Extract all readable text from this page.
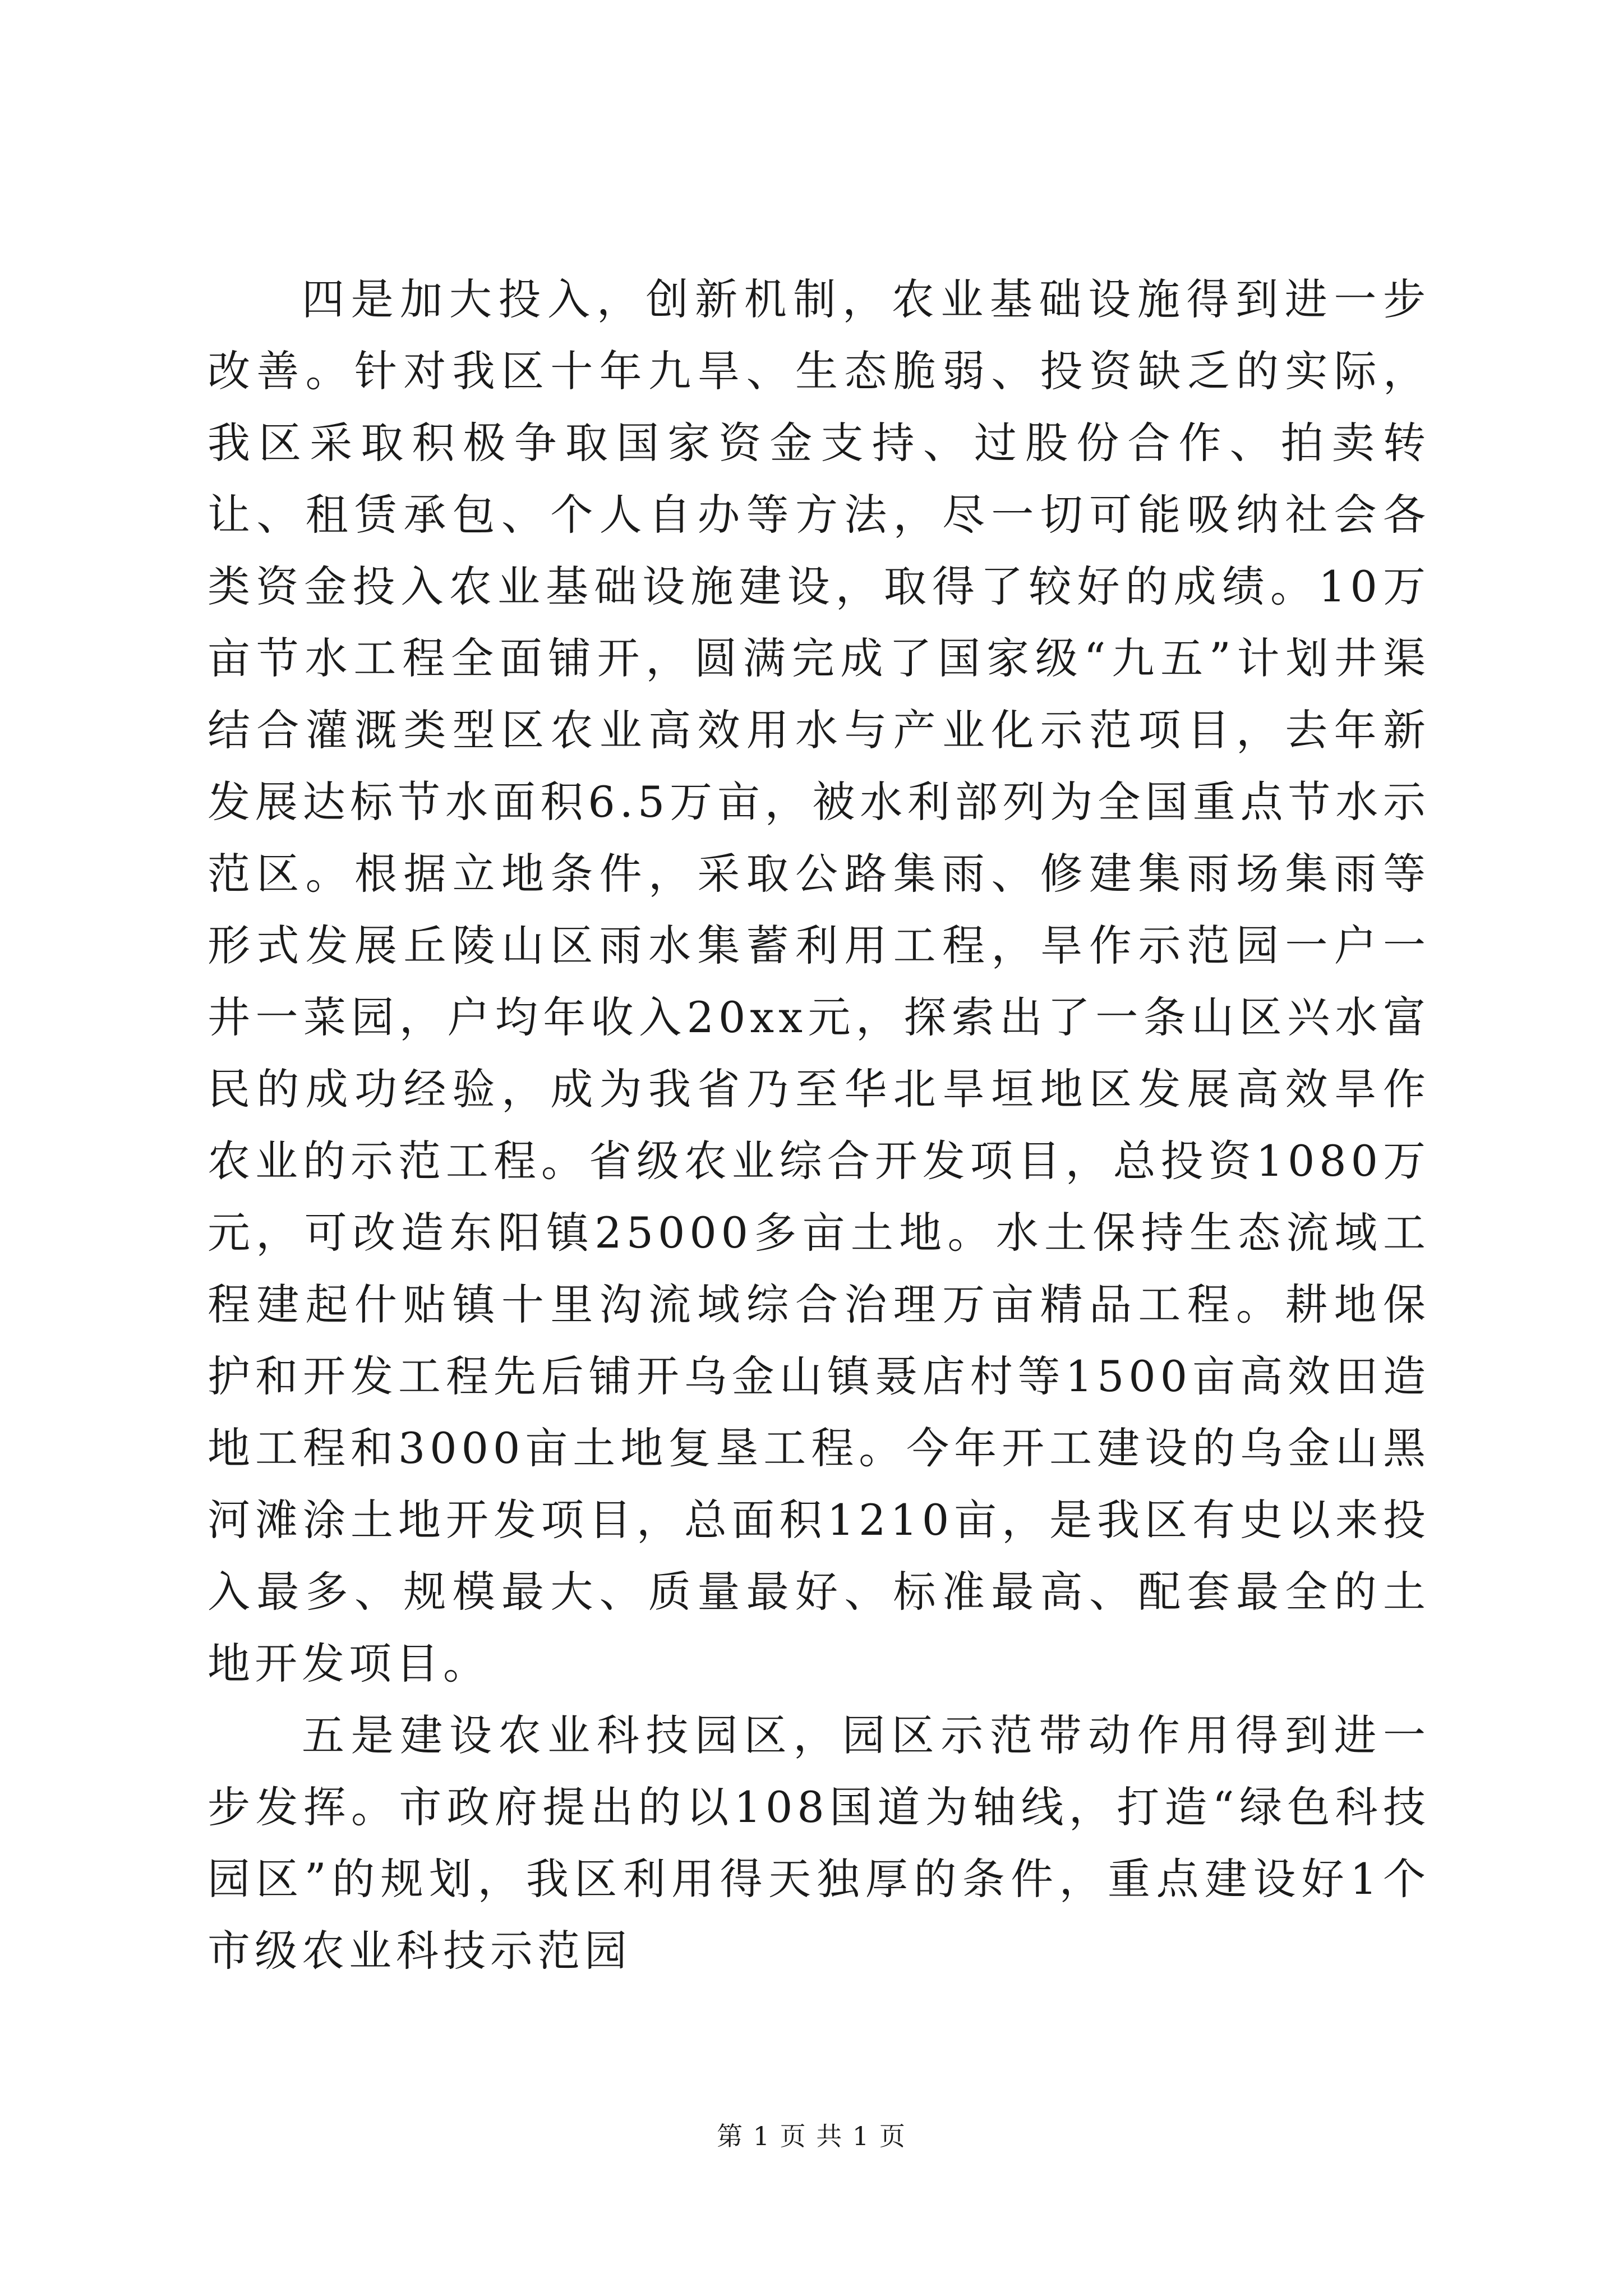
四是加大投入，创新机制，农业基础设施得到进一步改善。针对我区十年九旱、生态脆弱、投资缺乏的实际，我区采取积极争取国家资金支持、过股份合作、拍卖转让、租赁承包、个人自办等方法，尽一切可能吸纳社会各类资金投入农业基础设施建设，取得了较好的成绩。10万亩节水工程全面铺开，圆满完成了国家级“九五”计划井渠结合灌溉类型区农业高效用水与产业化示范项目，去年新发展达标节水面积6.5万亩，被水利部列为全国重点节水示范区。根据立地条件，采取公路集雨、修建集雨场集雨等形式发展丘陵山区雨水集蓄利用工程，旱作示范园一户一井一菜园，户均年收入20xx元，探索出了一条山区兴水富民的成功经验，成为我省乃至华北旱垣地区发展高效旱作农业的示范工程。省级农业综合开发项目，总投资1080万元，可改造东阳镇25000多亩土地。水土保持生态流域工程建起什贴镇十里沟流域综合治理万亩精品工程。耕地保护和开发工程先后铺开乌金山镇聂店村等1500亩高效田造地工程和3000亩土地复垦工程。今年开工建设的乌金山黑河滩涂土地开发项目，总面积1210亩，是我区有史以来投入最多、规模最大、质量最好、标准最高、配套最全的土地开发项目。

五是建设农业科技园区，园区示范带动作用得到进一步发挥。市政府提出的以108国道为轴线，打造“绿色科技园区”的规划，我区利用得天独厚的条件，重点建设好1个市级农业科技示范园

第 1 页 共 1 页
